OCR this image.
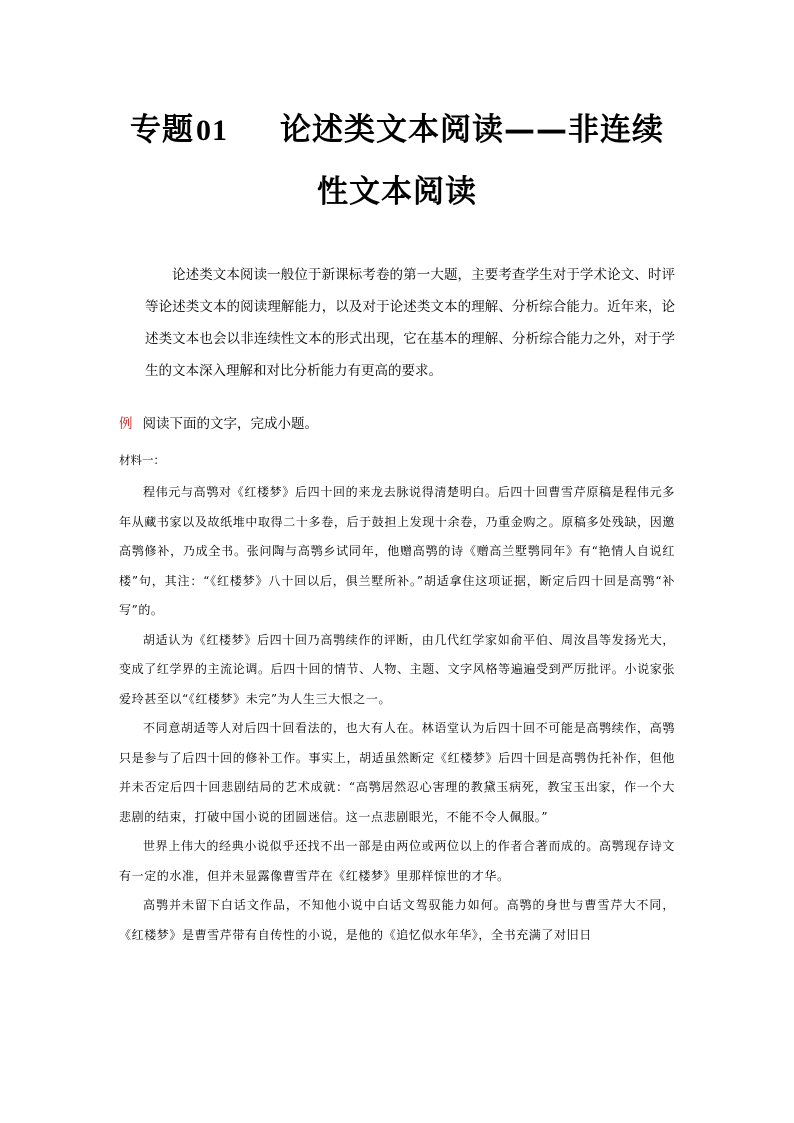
专题01 论述类文本阅读——非连续
性文本阅读

论述类文本阅读一般位于新课标考卷的第一大题，主要考查学生对于学术论文、时评等论述类文本的阅读理解能力，以及对于论述类文本的理解、分析综合能力。近年来，论述类文本也会以非连续性文本的形式出现，它在基本的理解、分析综合能力之外，对于学生的文本深入理解和对比分析能力有更高的要求。

例 阅读下面的文字，完成小题。
材料一：

程伟元与高鹗对《红楼梦》后四十回的来龙去脉说得清楚明白。后四十回曹雪芹原稿是程伟元多年从藏书家以及故纸堆中取得二十多卷，后于鼓担上发现十余卷，乃重金购之。原稿多处残缺，因邀高鹗修补，乃成全书。张问陶与高鹗乡试同年，他赠高鹗的诗《赠高兰墅鹗同年》有“艳情人自说红楼”句，其注：“《红楼梦》八十回以后，俱兰墅所补。”胡适拿住这项证据，断定后四十回是高鹗“补写”的。

胡适认为《红楼梦》后四十回乃高鹗续作的评断，由几代红学家如俞平伯、周汝昌等发扬光大，变成了红学界的主流论调。后四十回的情节、人物、主题、文字风格等遍遍受到严厉批评。小说家张爱玲甚至以“《红楼梦》未完”为人生三大恨之一。

不同意胡适等人对后四十回看法的，也大有人在。林语堂认为后四十回不可能是高鹗续作，高鹗只是参与了后四十回的修补工作。事实上，胡适虽然断定《红楼梦》后四十回是高鹗伪托补作，但他并未否定后四十回悲剧结局的艺术成就：“高鹗居然忍心害理的教黛玉病死，教宝玉出家，作一个大悲剧的结束，打破中国小说的团圆迷信。这一点悲剧眼光，不能不令人佩服。”

世界上伟大的经典小说似乎还找不出一部是由两位或两位以上的作者合著而成的。高鹗现存诗文有一定的水准，但并未显露像曹雪芹在《红楼梦》里那样惊世的才华。

高鹗并未留下白话文作品，不知他小说中白话文驾驭能力如何。高鹗的身世与曹雪芹大不同，《红楼梦》是曹雪芹带有自传性的小说，是他的《追忆似水年华》，全书充满了对旧日
